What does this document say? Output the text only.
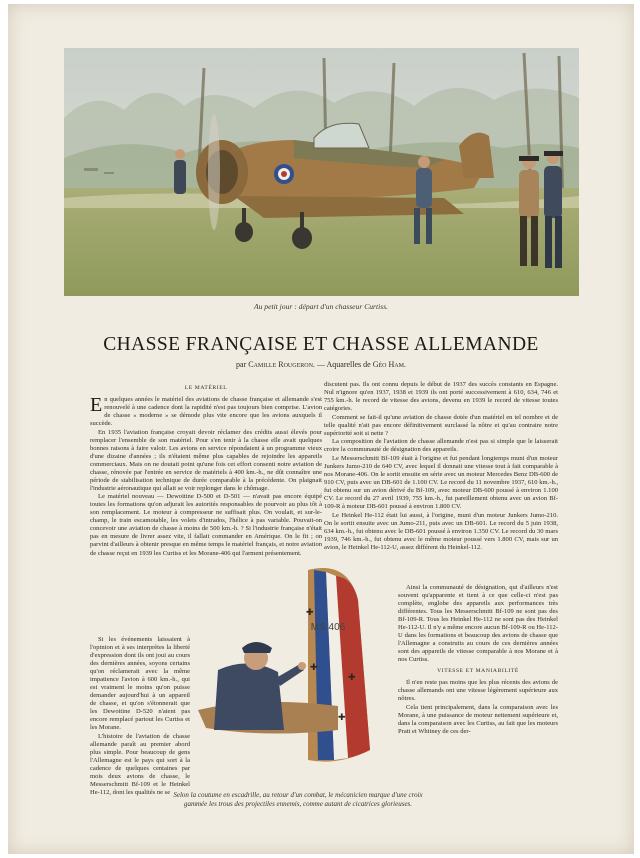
Au petit jour : départ d'un chasseur Curtiss.
CHASSE FRANÇAISE ET CHASSE ALLEMANDE
par Camille Rougeron. — Aquarelles de Géo Ham.
LE MATÉRIEL

En quelques années le matériel des aviations de chasse française et allemande s'est renouvelé à une cadence dont la rapidité n'est pas toujours bien comprise. L'avion de chasse « moderne » se démode plus vite encore que les avions auxquels il succède.

En 1935 l'aviation française croyait devoir réclamer des crédits aussi élevés pour remplacer l'ensemble de son matériel. Pour s'en tenir à la chasse elle avait quelques bonnes raisons à faire valoir. Les avions en service répondaient à un programme vieux d'une dizaine d'années ; ils n'étaient même plus capables de rejoindre les appareils commerciaux. Mais on ne doutait point qu'une fois cet effort consenti notre aviation de chasse, rénovée par l'entrée en service de matériels à 400 km.-h., ne dût connaître une période de stabilisation technique de durée comparable à la précédente. On plaignait l'industrie aéronautique qui allait se voir replonger dans le chômage.

Le matériel nouveau — Dewoitine D-500 et D-501 — n'avait pas encore équipé toutes les formations qu'on adjurait les autorités responsables de pourvoir au plus tôt à son remplacement. Le moteur à compresseur ne suffisait plus. On voulait, et sur-le-champ, le train escamotable, les volets d'intrados, l'hélice à pas variable. Pouvait-on concevoir une aviation de chasse à moins de 500 km.-h. ? Si l'industrie française n'était pas en mesure de livrer assez vite, il fallait commander en Amérique. On le fit ; on parvint d'ailleurs à obtenir presque en même temps le matériel français, et notre aviation de chasse reçut en 1939 les Curtiss et les Morane-406 qui l'arment présentement.

Si les événements laissaient à l'opinion et à ses interprètes la liberté d'expression dont ils ont joui au cours des dernières années, soyons certains qu'on réclamerait avec la même impatience l'avion à 600 km.-h., qui est vraiment le moins qu'on puisse demander aujourd'hui à un appareil de chasse, et qu'on s'étonnerait que les Dewoitine D-520 n'aient pas encore remplacé partout les Curtiss et les Morane.

L'histoire de l'aviation de chasse allemande paraît au premier abord plus simple. Pour beaucoup de gens l'Allemagne est le pays qui sort à la cadence de quelques centaines par mois deux avions de chasse, le Messerschmitt Bf-109 et le Heinkel He-112, dont les qualités ne se

discutent pas. Ils ont connu depuis le début de 1937 des succès constants en Espagne. Nul n'ignore qu'en 1937, 1938 et 1939 ils ont porté successivement à 610, 634, 746 et 755 km.-h. le record de vitesse des avions, devenu en 1939 le record de vitesse toutes catégories.

Comment se fait-il qu'une aviation de chasse dotée d'un matériel en tel nombre et de telle qualité n'ait pas encore définitivement surclassé la nôtre et qu'au contraire notre supériorité soit si nette ?

La composition de l'aviation de chasse allemande n'est pas si simple que le laisserait croire la communauté de désignation des appareils.

Le Messerschmitt Bf-109 était à l'origine et fut pendant longtemps muni d'un moteur Junkers Jumo-210 de 640 CV, avec lequel il donnait une vitesse tout à fait comparable à nos Morane-406. On le sortit ensuite en série avec un moteur Mercedes Benz DB-600 de 910 CV, puis avec un DB-601 de 1.100 CV. Le record du 11 novembre 1937, 610 km.-h., fut obtenu sur un avion dérivé du Bf-109, avec moteur DB-600 poussé à environ 1.100 CV. Le record du 27 avril 1939, 755 km.-h., fut pareillement obtenu avec un avion Bf-109-R à moteur DB-601 poussé à environ 1.800 CV.

Le Heinkel He-112 était lui aussi, à l'origine, muni d'un moteur Junkers Jumo-210. On le sortit ensuite avec un Jumo-211, puis avec un DB-601. Le record du 5 juin 1938, 634 km.-h., fut obtenu avec le DB-601 poussé à environ 1.350 CV. Le record du 30 mars 1939, 746 km.-h., fut obtenu avec le même moteur poussé vers 1.800 CV, mais sur un avion, le Heinkel He-112-U, assez différent du Heinkel-112.

Ainsi la communauté de désignation, qui d'ailleurs n'est souvent qu'apparente et tient à ce que celle-ci n'est pas complète, englobe des appareils aux performances très différentes. Tous les Messerschmitt Bf-109 ne sont pas des Bf-109-R. Tous les Heinkel He-112 ne sont pas des Heinkel He-112-U. Il n'y a même encore aucun Bf-109-R ou He-112-U dans les formations et beaucoup des avions de chasse que l'Allemagne a construits au cours de ces dernières années sont des appareils de vitesse comparable à nos Morane et à nos Curtiss.

VITESSE ET MANIABILITÉ

Il n'en reste pas moins que les plus récents des avions de chasse allemands ont une vitesse légèrement supérieure aux nôtres.

Cela tient principalement, dans la comparaison avec les Morane, à une puissance de moteur nettement supérieure et, dans la comparaison avec les Curtiss, au fait que les moteurs Pratt et Whitney de ces der-

MS 406
✚
✚
✚
✚
Selon la coutume en escadrille, au retour d'un combat, le mécanicien marque d'une croix gammée les trous des projectiles ennemis, comme autant de cicatrices glorieuses.
